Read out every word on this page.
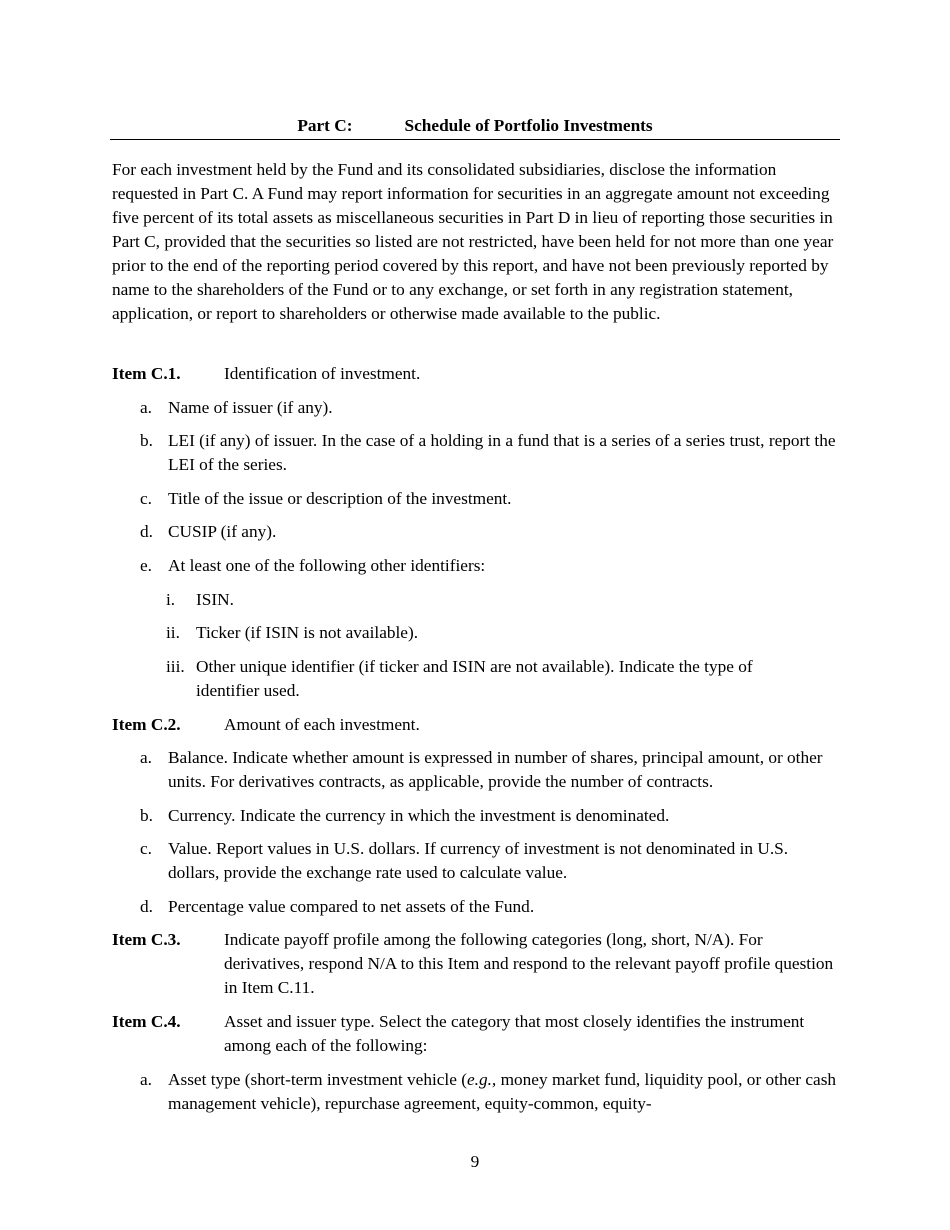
Part C:	Schedule of Portfolio Investments

For each investment held by the Fund and its consolidated subsidiaries, disclose the information requested in Part C. A Fund may report information for securities in an aggregate amount not exceeding five percent of its total assets as miscellaneous securities in Part D in lieu of reporting those securities in Part C, provided that the securities so listed are not restricted, have been held for not more than one year prior to the end of the reporting period covered by this report, and have not been previously reported by name to the shareholders of the Fund or to any exchange, or set forth in any registration statement, application, or report to shareholders or otherwise made available to the public.

Item C.1.	Identification of investment.
a. Name of issuer (if any).
b. LEI (if any) of issuer. In the case of a holding in a fund that is a series of a series trust, report the LEI of the series.
c. Title of the issue or description of the investment.
d. CUSIP (if any).
e. At least one of the following other identifiers:
i. ISIN.
ii. Ticker (if ISIN is not available).
iii. Other unique identifier (if ticker and ISIN are not available). Indicate the type of identifier used.
Item C.2.	Amount of each investment.
a. Balance. Indicate whether amount is expressed in number of shares, principal amount, or other units. For derivatives contracts, as applicable, provide the number of contracts.
b. Currency. Indicate the currency in which the investment is denominated.
c. Value. Report values in U.S. dollars. If currency of investment is not denominated in U.S. dollars, provide the exchange rate used to calculate value.
d. Percentage value compared to net assets of the Fund.
Item C.3.	Indicate payoff profile among the following categories (long, short, N/A). For derivatives, respond N/A to this Item and respond to the relevant payoff profile question in Item C.11.
Item C.4.	Asset and issuer type. Select the category that most closely identifies the instrument among each of the following:
a. Asset type (short-term investment vehicle (e.g., money market fund, liquidity pool, or other cash management vehicle), repurchase agreement, equity-common, equity-
9
